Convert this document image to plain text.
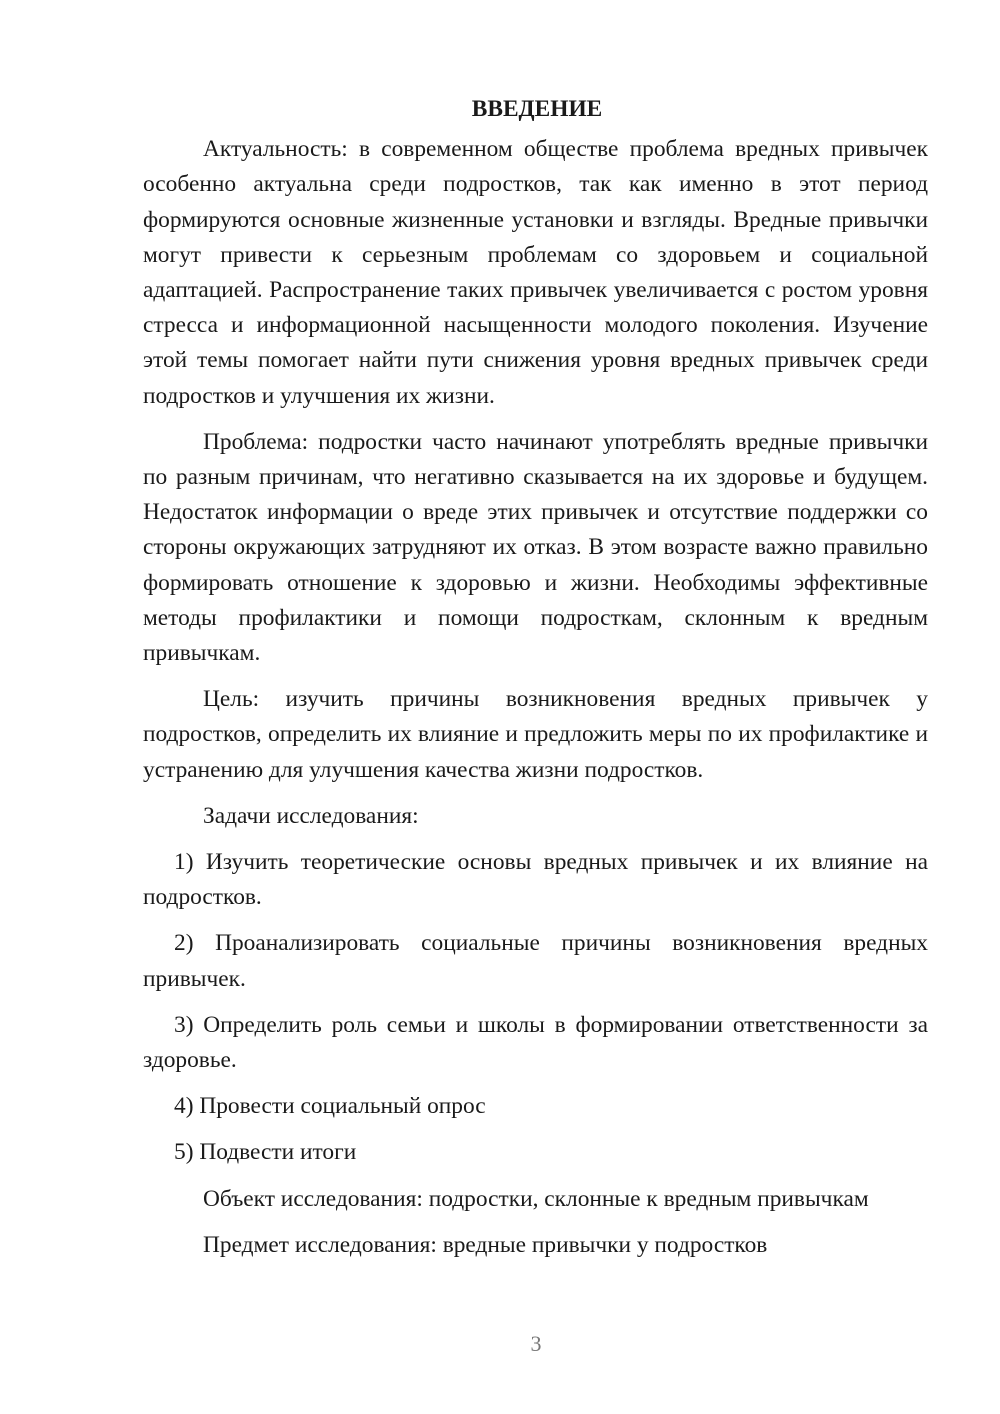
ВВЕДЕНИЕ

Актуальность: в современном обществе проблема вредных привычек особенно актуальна среди подростков, так как именно в этот период формируются основные жизненные установки и взгляды. Вредные привычки могут привести к серьезным проблемам со здоровьем и социальной адаптацией. Распространение таких привычек увеличивается с ростом уровня стресса и информационной насыщенности молодого поколения. Изучение этой темы помогает найти пути снижения уровня вредных привычек среди подростков и улучшения их жизни.

Проблема: подростки часто начинают употреблять вредные привычки по разным причинам, что негативно сказывается на их здоровье и будущем. Недостаток информации о вреде этих привычек и отсутствие поддержки со стороны окружающих затрудняют их отказ. В этом возрасте важно правильно формировать отношение к здоровью и жизни. Необходимы эффективные методы профилактики и помощи подросткам, склонным к вредным привычкам.

Цель: изучить причины возникновения вредных привычек у подростков, определить их влияние и предложить меры по их профилактике и устранению для улучшения качества жизни подростков.

Задачи исследования:

1) Изучить теоретические основы вредных привычек и их влияние на подростков.

2) Проанализировать социальные причины возникновения вредных привычек.

3) Определить роль семьи и школы в формировании ответственности за здоровье.

4) Провести социальный опрос

5) Подвести итоги

Объект исследования: подростки, склонные к вредным привычкам

Предмет исследования: вредные привычки у подростков

3
